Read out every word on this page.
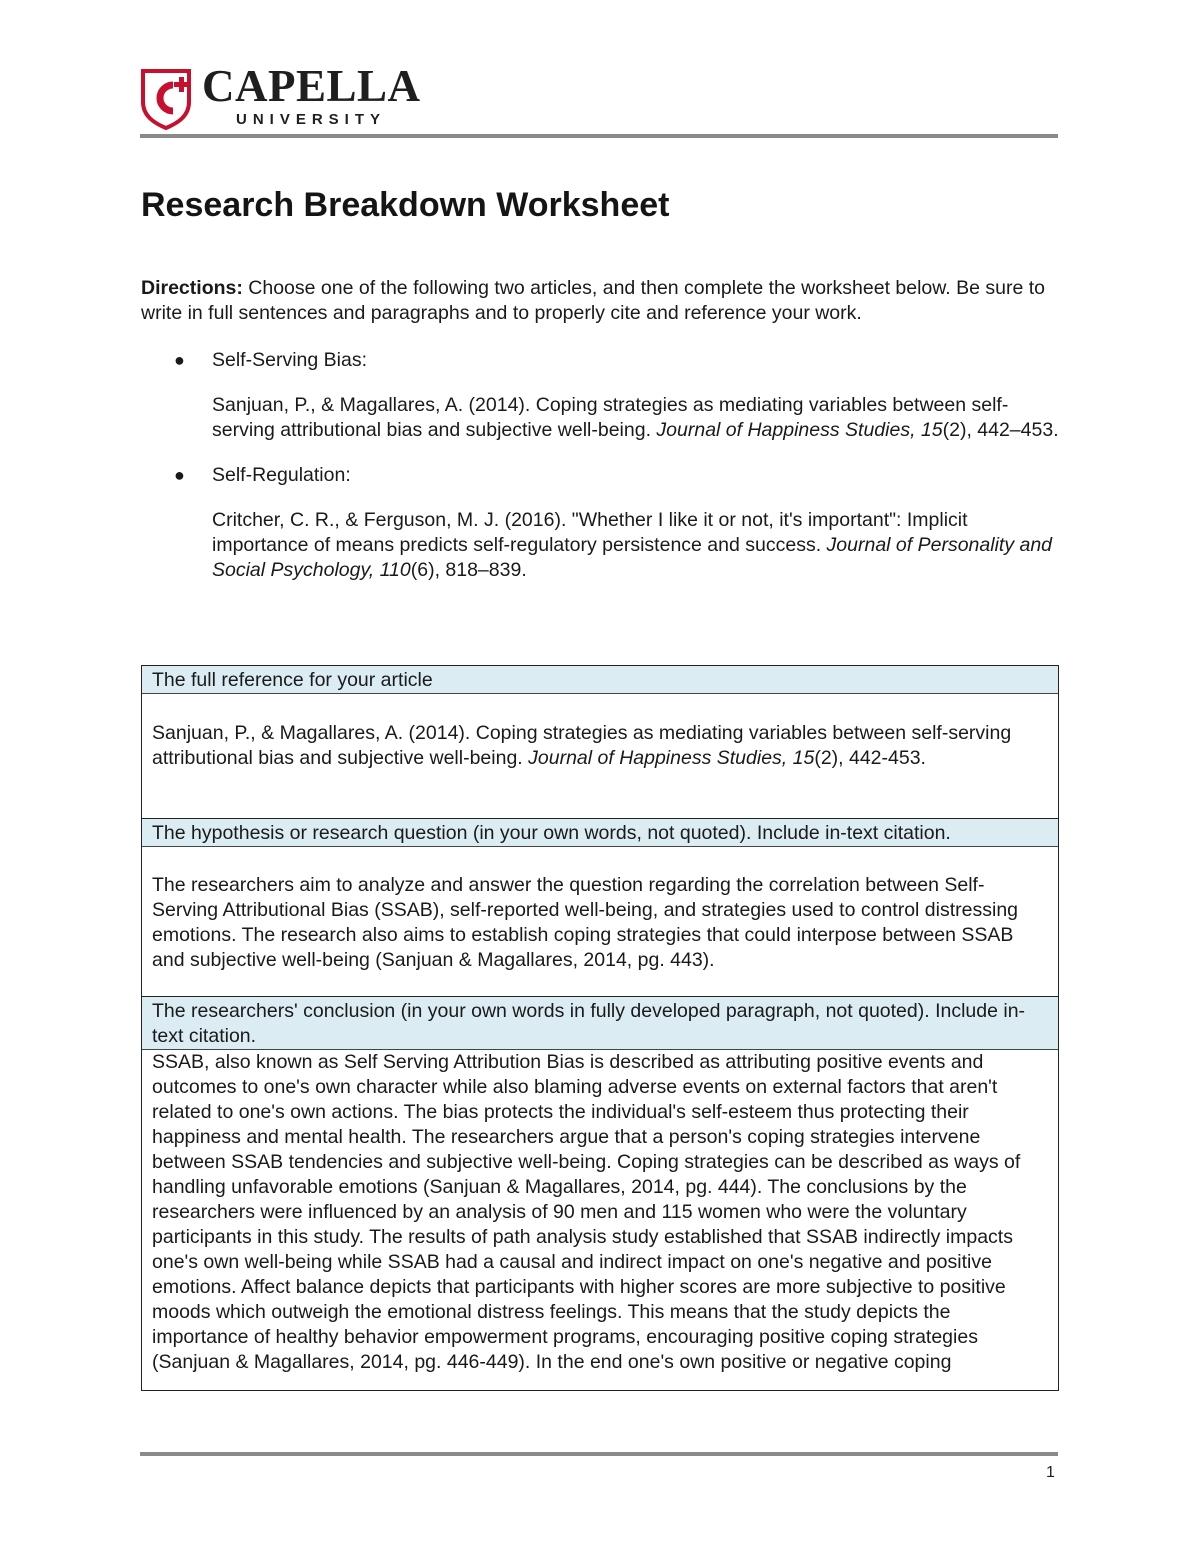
CAPELLA
UNIVERSITY
Research Breakdown Worksheet

Directions: Choose one of the following two articles, and then complete the worksheet below. Be sure to write in full sentences and paragraphs and to properly cite and reference your work.

● Self-Serving Bias:
Sanjuan, P., & Magallares, A. (2014). Coping strategies as mediating variables between self-serving attributional bias and subjective well-being. Journal of Happiness Studies, 15(2), 442–453.
● Self-Regulation:
Critcher, C. R., & Ferguson, M. J. (2016). "Whether I like it or not, it's important": Implicit importance of means predicts self-regulatory persistence and success. Journal of Personality and Social Psychology, 110(6), 818–839.
The full reference for your article
Sanjuan, P., & Magallares, A. (2014). Coping strategies as mediating variables between self-serving attributional bias and subjective well-being. Journal of Happiness Studies, 15(2), 442-453.
The hypothesis or research question (in your own words, not quoted). Include in-text citation.
The researchers aim to analyze and answer the question regarding the correlation between Self-Serving Attributional Bias (SSAB), self-reported well-being, and strategies used to control distressing emotions. The research also aims to establish coping strategies that could interpose between SSAB and subjective well-being (Sanjuan & Magallares, 2014, pg. 443).
The researchers' conclusion (in your own words in fully developed paragraph, not quoted). Include in-text citation.
SSAB, also known as Self Serving Attribution Bias is described as attributing positive events and outcomes to one's own character while also blaming adverse events on external factors that aren't related to one's own actions. The bias protects the individual's self-esteem thus protecting their happiness and mental health. The researchers argue that a person's coping strategies intervene between SSAB tendencies and subjective well-being. Coping strategies can be described as ways of handling unfavorable emotions (Sanjuan & Magallares, 2014, pg. 444). The conclusions by the researchers were influenced by an analysis of 90 men and 115 women who were the voluntary participants in this study. The results of path analysis study established that SSAB indirectly impacts one's own well-being while SSAB had a causal and indirect impact on one's negative and positive emotions. Affect balance depicts that participants with higher scores are more subjective to positive moods which outweigh the emotional distress feelings. This means that the study depicts the importance of healthy behavior empowerment programs, encouraging positive coping strategies (Sanjuan & Magallares, 2014, pg. 446-449). In the end one's own positive or negative coping
1
